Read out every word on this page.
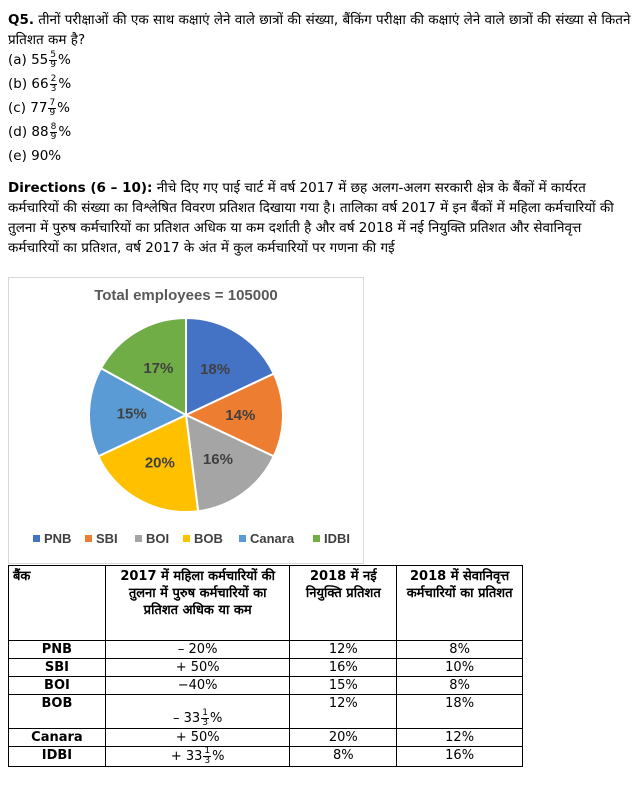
Q5. तीनों परीक्षाओं की एक साथ कक्षाएं लेने वाले छात्रों की संख्या, बैंकिंग परीक्षा की कक्षाएं लेने वाले छात्रों की संख्या से कितने प्रतिशत कम है?
(a) $55 \frac{5}{9}$ %
(b) $66 \frac{2}{3}$ %
(c) $77 \frac{7}{9}$ %
(d) $88 \frac{8}{9}$ %
(e) 90%
Directions (6 – 10): नीचे दिए गए पाई चार्ट में वर्ष 2017 में छह अलग-अलग सरकारी क्षेत्र के बैंकों में कार्यरत कर्मचारियों की संख्या का विश्लेषित विवरण प्रतिशत दिखाया गया है। तालिका वर्ष 2017 में इन बैंकों में महिला कर्मचारियों की तुलना में पुरुष कर्मचारियों का प्रतिशत अधिक या कम दर्शाती है और वर्ष 2018 में नई नियुक्ति प्रतिशत और सेवानिवृत्त कर्मचारियों का प्रतिशत, वर्ष 2017 के अंत में कुल कर्मचारियों पर गणना की गई
Total employees = 105000
18%
14%
16%
20%
15%
17%
PNB SBI BOI BOB Canara IDBI
बैंक	2017 में महिला कर्मचारियों की तुलना में पुरुष कर्मचारियों का प्रतिशत अधिक या कम	2018 में नई नियुक्ति प्रतिशत	2018 में सेवानिवृत्त कर्मचारियों का प्रतिशत
PNB	– 20%	12%	8%
SBI	+ 50%	16%	10%
BOI	−40%	15%	8%
BOB	– $33 \frac{1}{3}$ %	12%	18%
Canara	+ 50%	20%	12%
IDBI	+ $33 \frac{1}{3}$ %	8%	16%
